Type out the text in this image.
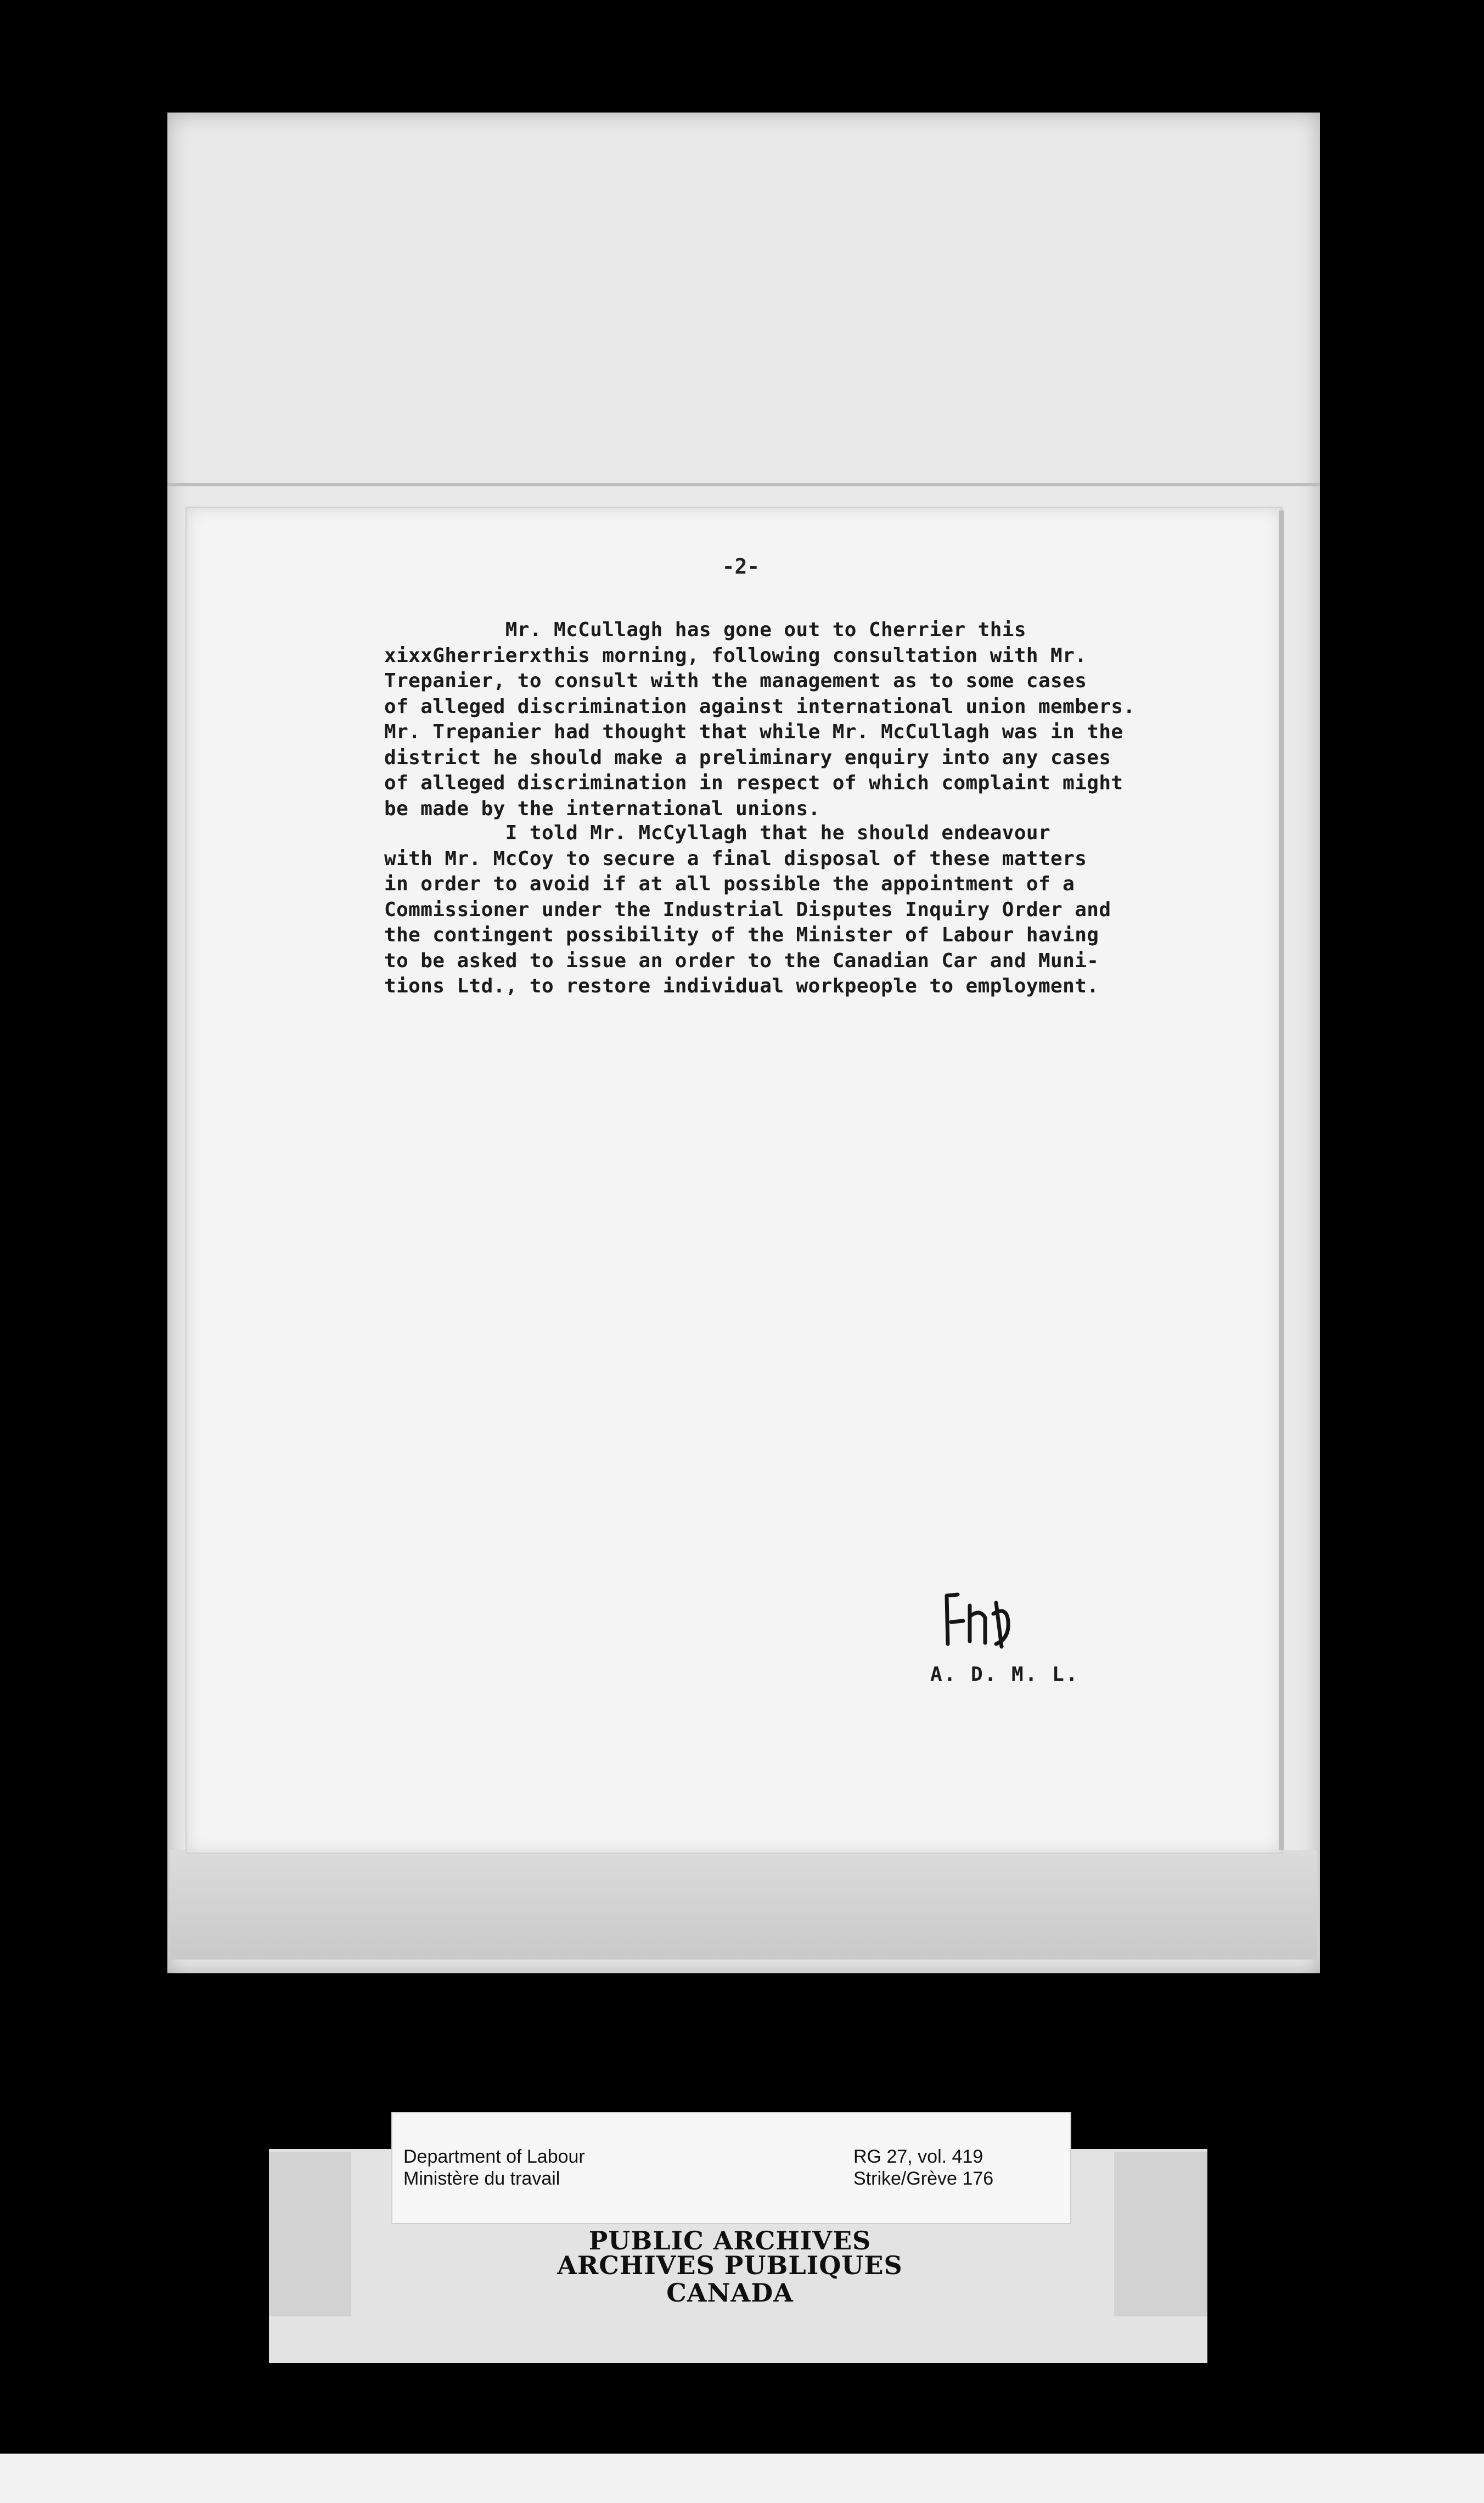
-2-
Mr. McCullagh has gone out to Cherrier this
xixxGherrierxthis morning, following consultation with Mr.
Trepanier, to consult with the management as to some cases
of alleged discrimination against international union members.
Mr. Trepanier had thought that while Mr. McCullagh was in the
district he should make a preliminary enquiry into any cases
of alleged discrimination in respect of which complaint might
be made by the international unions.
I told Mr. McCyllagh that he should endeavour
with Mr. McCoy to secure a final disposal of these matters
in order to avoid if at all possible the appointment of a
Commissioner under the Industrial Disputes Inquiry Order and
the contingent possibility of the Minister of Labour having
to be asked to issue an order to the Canadian Car and Muni-
tions Ltd., to restore individual workpeople to employment.
A. D. M. L.
Department of Labour
Ministère du travail
RG 27, vol. 419
Strike/Grève 176
PUBLIC ARCHIVES
ARCHIVES PUBLIQUES
CANADA
